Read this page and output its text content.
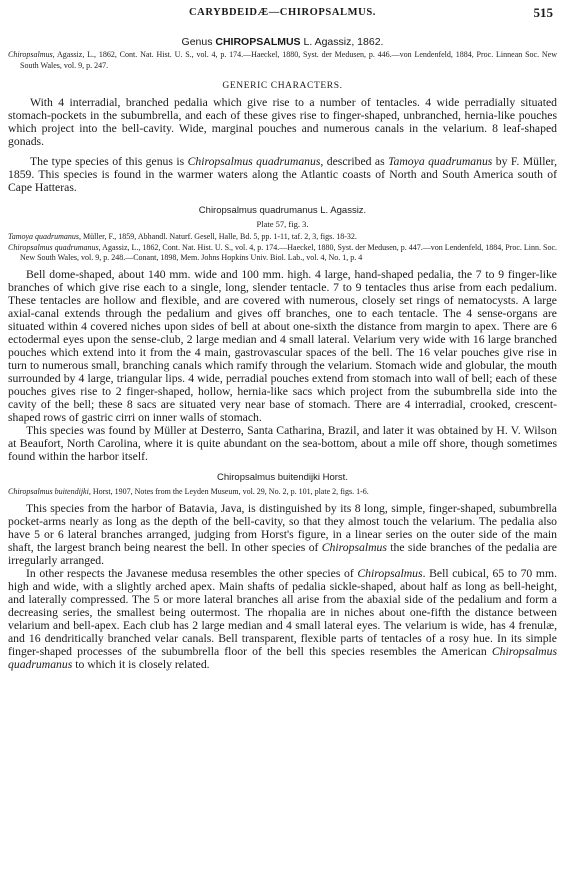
CARYBDEIDÆ—CHIROPSALMUS.	515
Genus CHIROPSALMUS L. Agassiz, 1862.

Chiropsalmus, Agassiz, L., 1862, Cont. Nat. Hist. U. S., vol. 4, p. 174.—Haeckel, 1880, Syst. der Medusen, p. 446.—von Lendenfeld, 1884, Proc. Linnean Soc. New South Wales, vol. 9, p. 247.

GENERIC CHARACTERS.

With 4 interradial, branched pedalia which give rise to a number of tentacles. 4 wide perradially situated stomach-pockets in the subumbrella, and each of these gives rise to finger-shaped, unbranched, hernia-like pouches which project into the bell-cavity. Wide, marginal pouches and numerous canals in the velarium. 8 leaf-shaped gonads.

The type species of this genus is Chiropsalmus quadrumanus, described as Tamoya quadrumanus by F. Müller, 1859. This species is found in the warmer waters along the Atlantic coasts of North and South America south of Cape Hatteras.

Chiropsalmus quadrumanus L. Agassiz.
Plate 57, fig. 3.

Tamoya quadrumanus, Müller, F., 1859, Abhandl. Naturf. Gesell, Halle, Bd. 5, pp. 1-11, taf. 2, 3, figs. 18-32.

Chiropsalmus quadrumanus, Agassiz, L., 1862, Cont. Nat. Hist. U. S., vol. 4, p. 174.—Haeckel, 1880, Syst. der Medusen, p. 447.—von Lendenfeld, 1884, Proc. Linn. Soc. New South Wales, vol. 9, p. 248.—Conant, 1898, Mem. Johns Hopkins Univ. Biol. Lab., vol. 4, No. 1, p. 4

Bell dome-shaped, about 140 mm. wide and 100 mm. high. 4 large, hand-shaped pedalia, the 7 to 9 finger-like branches of which give rise each to a single, long, slender tentacle. 7 to 9 tentacles thus arise from each pedalium. These tentacles are hollow and flexible, and are covered with numerous, closely set rings of nematocysts. A large axial-canal extends through the pedalium and gives off branches, one to each tentacle. The 4 sense-organs are situated within 4 covered niches upon sides of bell at about one-sixth the distance from margin to apex. There are 6 ectodermal eyes upon the sense-club, 2 large median and 4 small lateral. Velarium very wide with 16 large branched pouches which extend into it from the 4 main, gastrovascular spaces of the bell. The 16 velar pouches give rise in turn to numerous small, branching canals which ramify through the velarium. Stomach wide and globular, the mouth surrounded by 4 large, triangular lips. 4 wide, perradial pouches extend from stomach into wall of bell; each of these pouches gives rise to 2 finger-shaped, hollow, hernia-like sacs which project from the subumbrella side into the cavity of the bell; these 8 sacs are situated very near base of stomach. There are 4 interradial, crooked, crescent-shaped rows of gastric cirri on inner walls of stomach.

This species was found by Müller at Desterro, Santa Catharina, Brazil, and later it was obtained by H. V. Wilson at Beaufort, North Carolina, where it is quite abundant on the sea-bottom, about a mile off shore, though sometimes found within the harbor itself.

Chiropsalmus buitendijki Horst.

Chiropsalmus buitendijki, Horst, 1907, Notes from the Leyden Museum, vol. 29, No. 2, p. 101, plate 2, figs. 1-6.

This species from the harbor of Batavia, Java, is distinguished by its 8 long, simple, finger-shaped, subumbrella pocket-arms nearly as long as the depth of the bell-cavity, so that they almost touch the velarium. The pedalia also have 5 or 6 lateral branches arranged, judging from Horst's figure, in a linear series on the outer side of the main shaft, the largest branch being nearest the bell. In other species of Chiropsalmus the side branches of the pedalia are irregularly arranged.

In other respects the Javanese medusa resembles the other species of Chiropsalmus. Bell cubical, 65 to 70 mm. high and wide, with a slightly arched apex. Main shafts of pedalia sickle-shaped, about half as long as bell-height, and laterally compressed. The 5 or more lateral branches all arise from the abaxial side of the pedalium and form a decreasing series, the smallest being outermost. The rhopalia are in niches about one-fifth the distance between velarium and bell-apex. Each club has 2 large median and 4 small lateral eyes. The velarium is wide, has 4 frenulæ, and 16 dendritically branched velar canals. Bell transparent, flexible parts of tentacles of a rosy hue. In its simple finger-shaped processes of the subumbrella floor of the bell this species resembles the American Chiropsalmus quadrumanus to which it is closely related.
